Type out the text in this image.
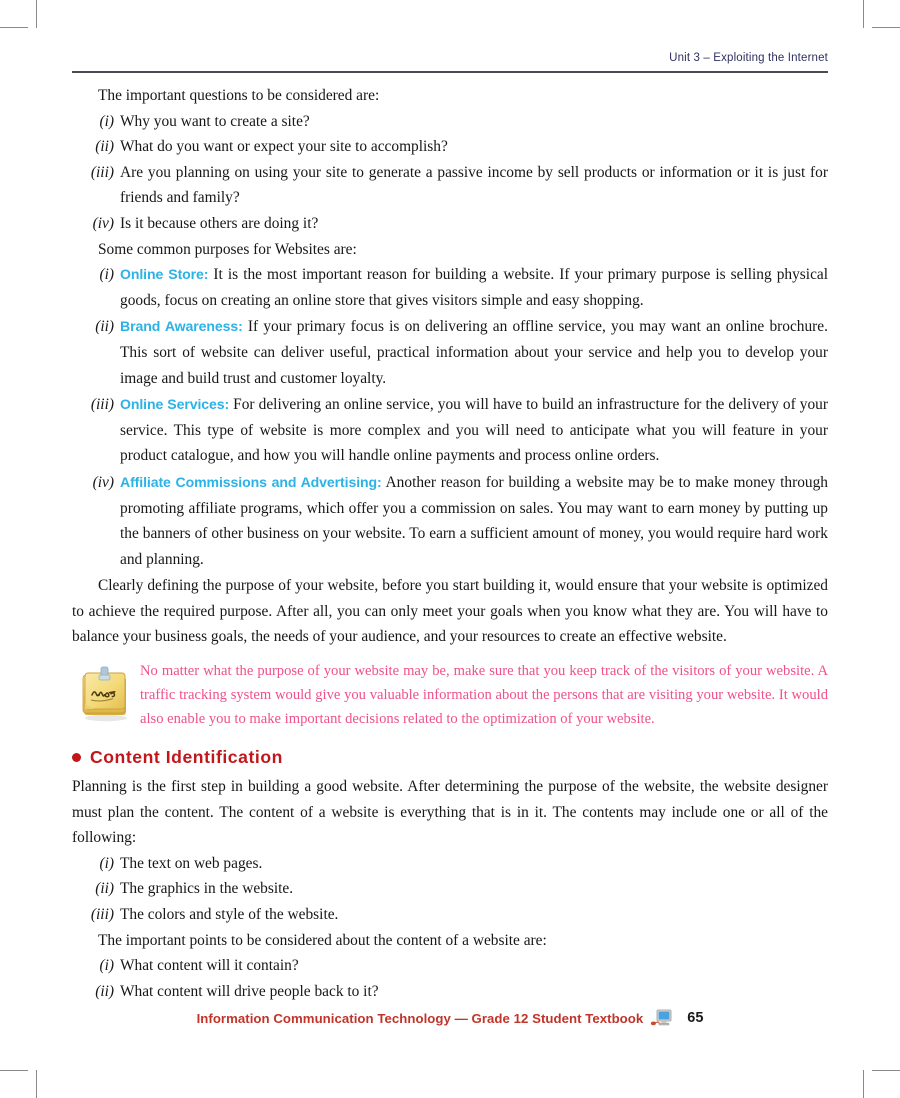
Unit 3 – Exploiting the Internet

The important questions to be considered are:

(i) Why you want to create a site?
(ii) What do you want or expect your site to accomplish?
(iii) Are you planning on using your site to generate a passive income by sell products or information or it is just for friends and family?
(iv) Is it because others are doing it?

Some common purposes for Websites are:

(i) Online Store: It is the most important reason for building a website. If your primary purpose is selling physical goods, focus on creating an online store that gives visitors simple and easy shopping.
(ii) Brand Awareness: If your primary focus is on delivering an offline service, you may want an online brochure. This sort of website can deliver useful, practical information about your service and help you to develop your image and build trust and customer loyalty.
(iii) Online Services: For delivering an online service, you will have to build an infrastructure for the delivery of your service. This type of website is more complex and you will need to anticipate what you will feature in your product catalogue, and how you will handle online payments and process online orders.
(iv) Affiliate Commissions and Advertising: Another reason for building a website may be to make money through promoting affiliate programs, which offer you a commission on sales. You may want to earn money by putting up the banners of other business on your website. To earn a sufficient amount of money, you would require hard work and planning.

Clearly defining the purpose of your website, before you start building it, would ensure that your website is optimized to achieve the required purpose. After all, you can only meet your goals when you know what they are. You will have to balance your business goals, the needs of your audience, and your resources to create an effective website.

No matter what the purpose of your website may be, make sure that you keep track of the visitors of your website. A traffic tracking system would give you valuable information about the persons that are visiting your website. It would also enable you to make important decisions related to the optimization of your website.
Content Identification

Planning is the first step in building a good website. After determining the purpose of the website, the website designer must plan the content. The content of a website is everything that is in it. The contents may include one or all of the following:

(i) The text on web pages.
(ii) The graphics in the website.
(iii) The colors and style of the website.

The important points to be considered about the content of a website are:

(i) What content will it contain?
(ii) What content will drive people back to it?
Information Communication Technology — Grade 12 Student Textbook	65
